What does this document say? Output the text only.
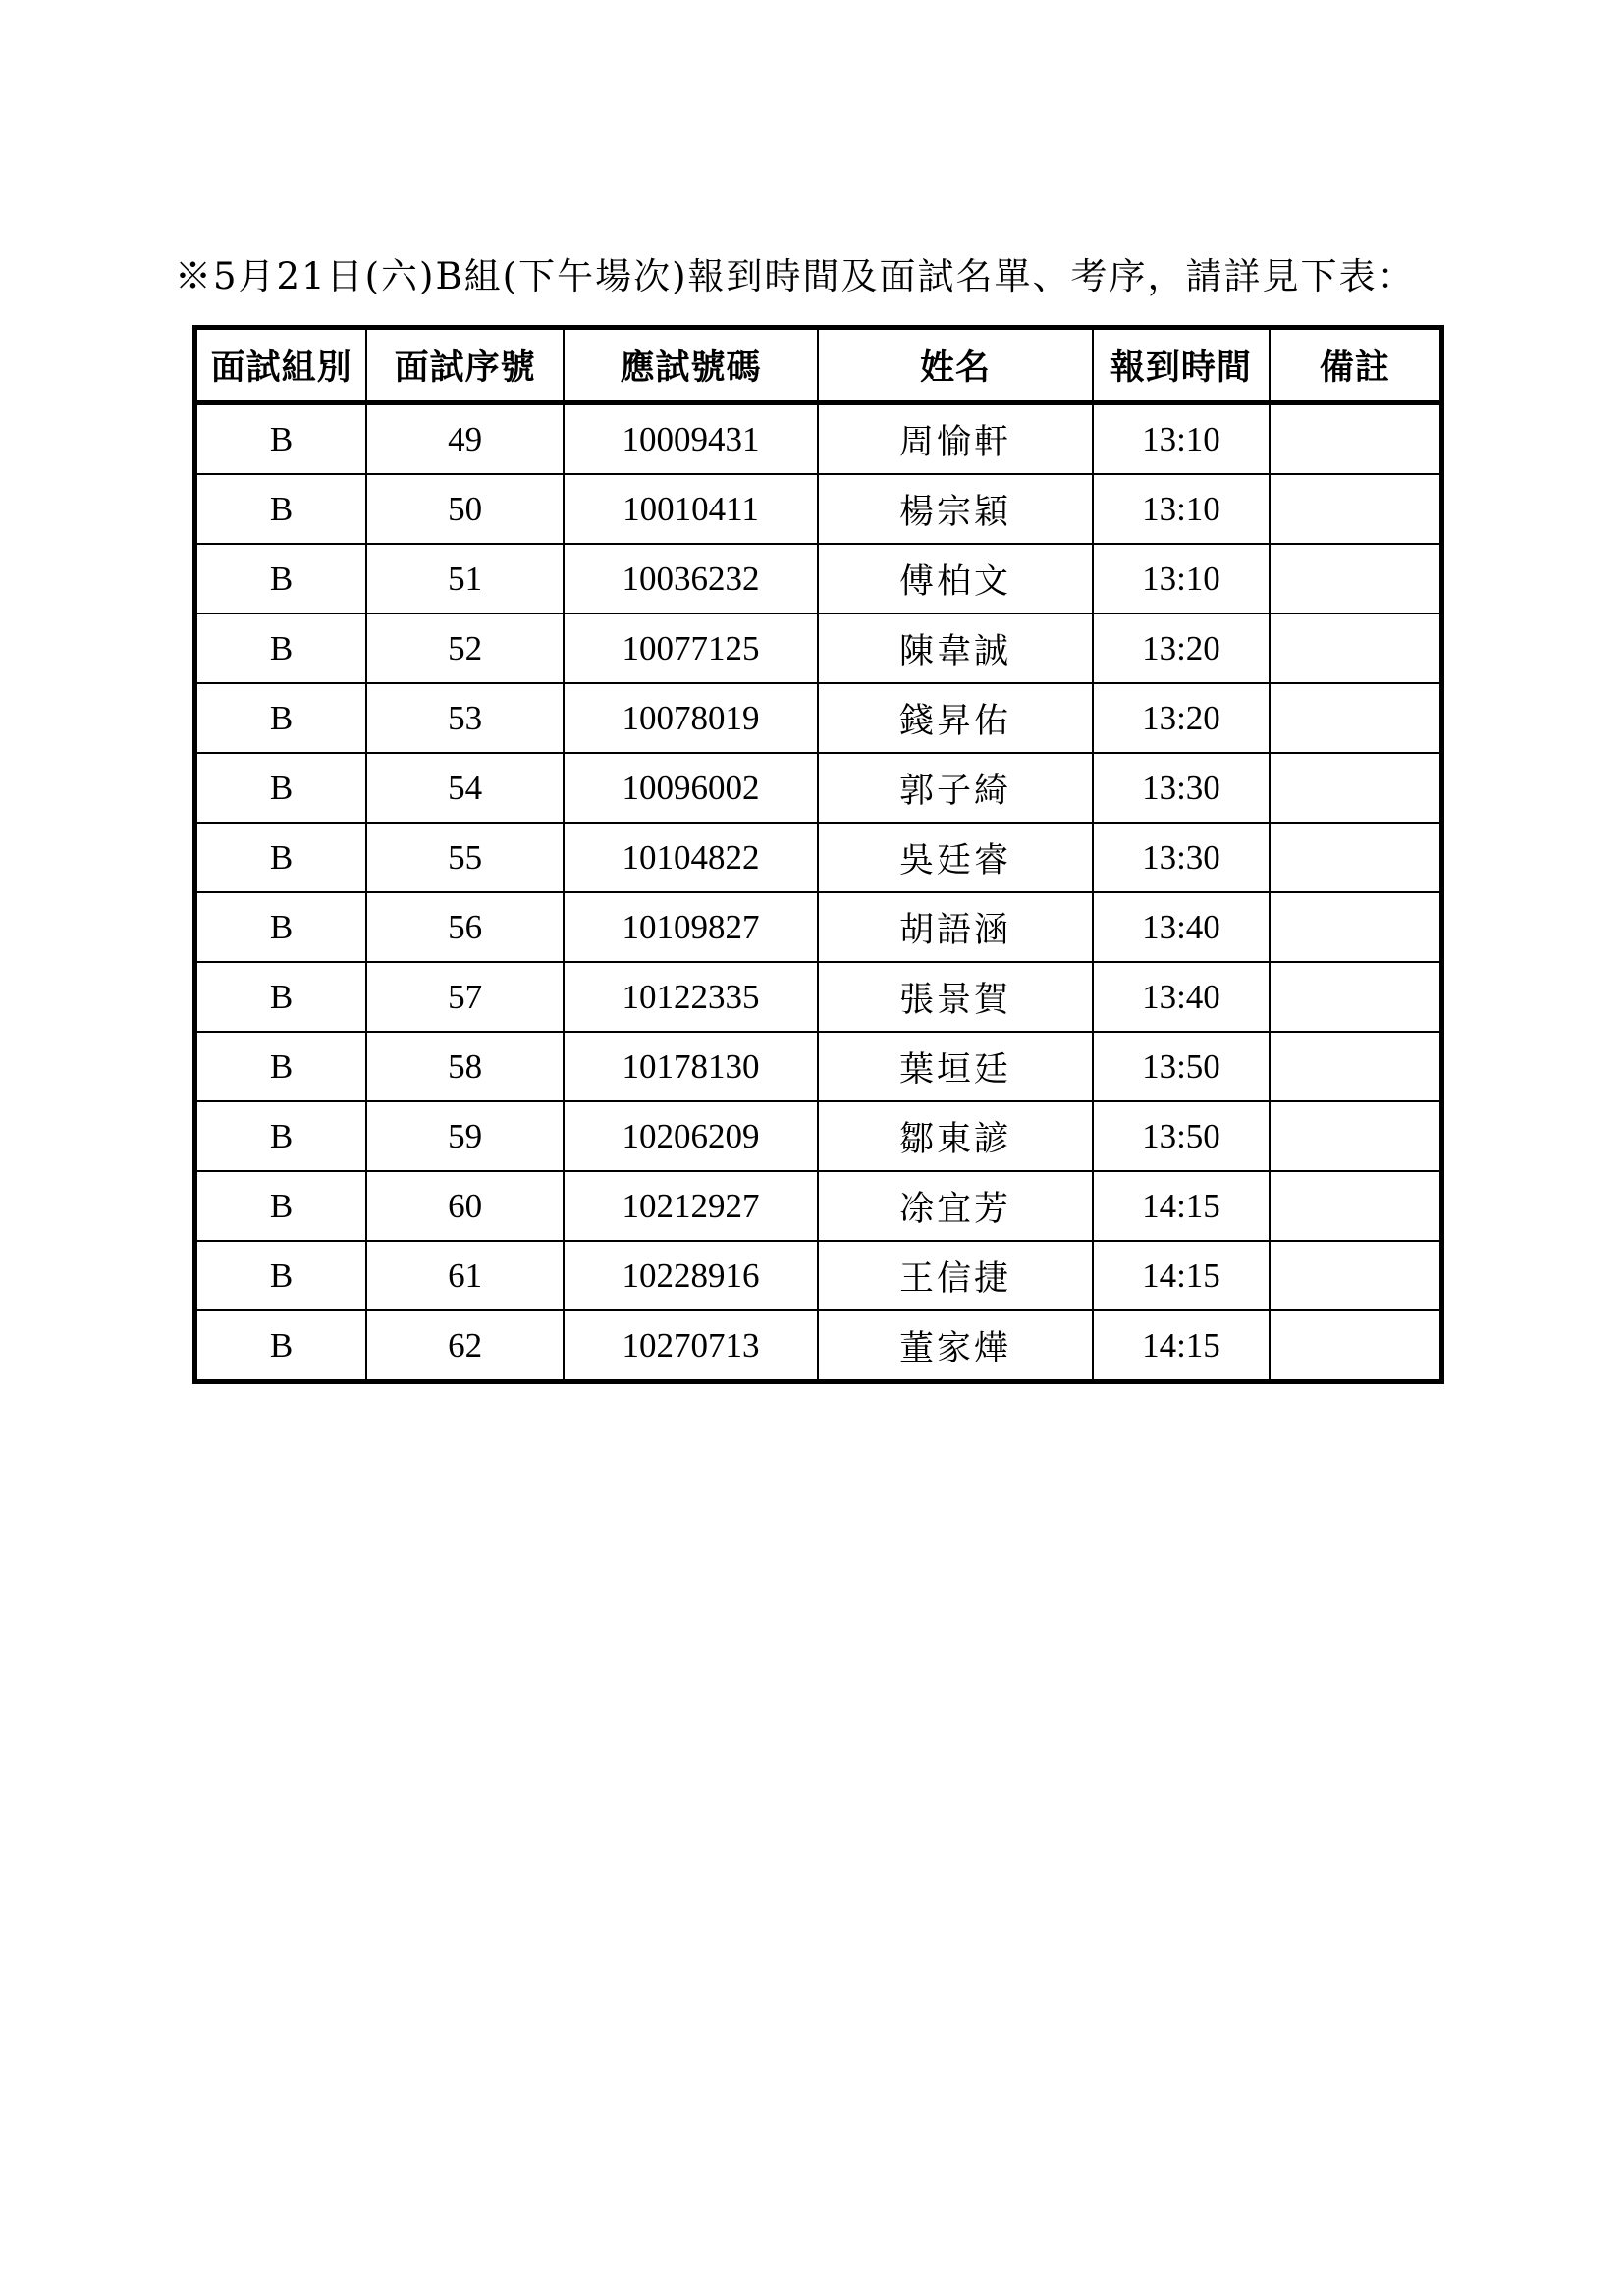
※5月21日(六)B組(下午場次)報到時間及面試名單、考序，請詳見下表：
面試組別	面試序號	應試號碼	姓名	報到時間	備註
B	49	10009431	周愉軒	13:10	
B	50	10010411	楊宗穎	13:10	
B	51	10036232	傅柏文	13:10	
B	52	10077125	陳韋誠	13:20	
B	53	10078019	錢昇佑	13:20	
B	54	10096002	郭子綺	13:30	
B	55	10104822	吳廷睿	13:30	
B	56	10109827	胡語涵	13:40	
B	57	10122335	張景賀	13:40	
B	58	10178130	葉垣廷	13:50	
B	59	10206209	鄒東諺	13:50	
B	60	10212927	凃宜芳	14:15	
B	61	10228916	王信捷	14:15	
B	62	10270713	董家燁	14:15	
